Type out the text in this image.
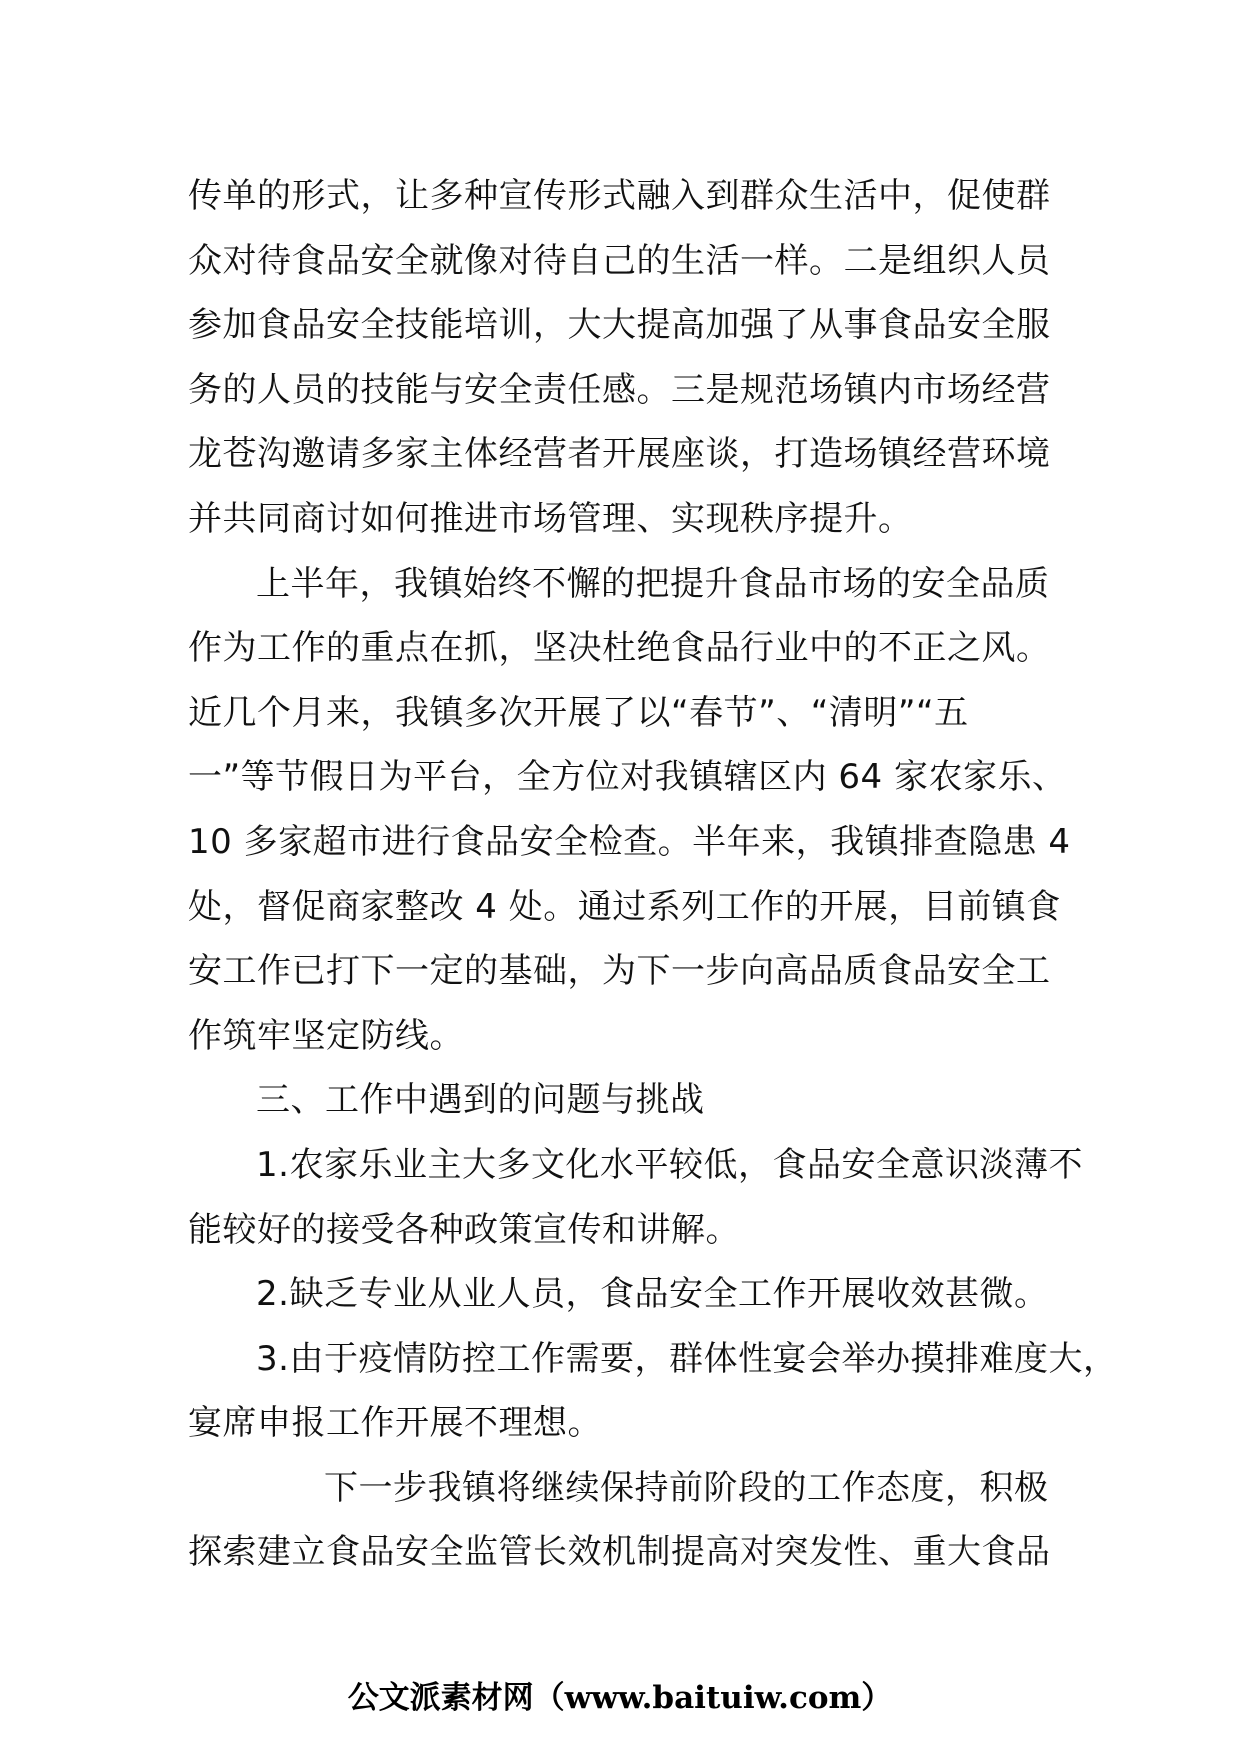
传单的形式，让多种宣传形式融入到群众生活中，促使群
众对待食品安全就像对待自己的生活一样。二是组织人员
参加食品安全技能培训，大大提高加强了从事食品安全服
务的人员的技能与安全责任感。三是规范场镇内市场经营
龙苍沟邀请多家主体经营者开展座谈，打造场镇经营环境
并共同商讨如何推进市场管理、实现秩序提升。
上半年，我镇始终不懈的把提升食品市场的安全品质
作为工作的重点在抓，坚决杜绝食品行业中的不正之风。
近几个月来，我镇多次开展了以“春节”、“清明”“五
一”等节假日为平台，全方位对我镇辖区内 64 家农家乐、
10 多家超市进行食品安全检查。半年来，我镇排查隐患 4
处，督促商家整改 4 处。通过系列工作的开展，目前镇食
安工作已打下一定的基础，为下一步向高品质食品安全工
作筑牢坚定防线。
三、工作中遇到的问题与挑战
1.农家乐业主大多文化水平较低，食品安全意识淡薄不
能较好的接受各种政策宣传和讲解。
2.缺乏专业从业人员，食品安全工作开展收效甚微。
3.由于疫情防控工作需要，群体性宴会举办摸排难度大，
宴席申报工作开展不理想。
下一步我镇将继续保持前阶段的工作态度，积极
探索建立食品安全监管长效机制提高对突发性、重大食品
公文派素材网（www.baituiw.com）
